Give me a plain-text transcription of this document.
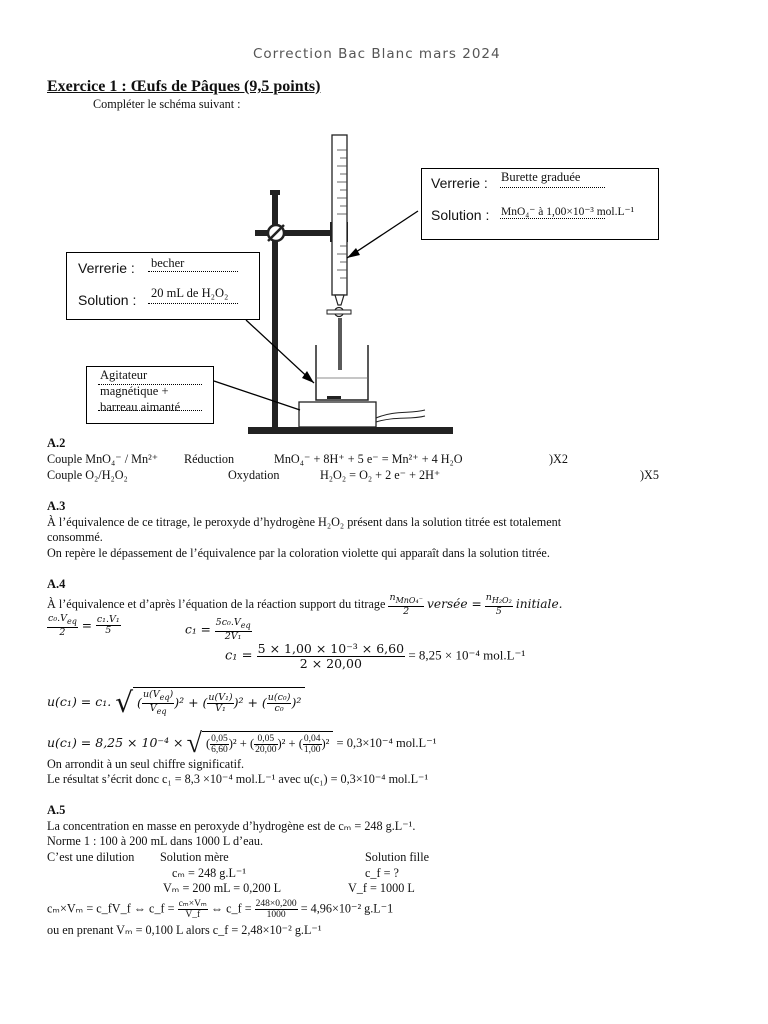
Correction Bac Blanc mars 2024
Exercice 1 : Œufs de Pâques (9,5 points)
Compléter le schéma suivant :
Verrerie : Burette graduée
Solution : MnO₄⁻ à 1,00×10⁻³ mol.L⁻¹
Verrerie : becher
Solution : 20 mL de H₂O₂
Agitateur
magnétique +
barreau aimanté
A.2
Couple MnO₄⁻ / Mn²⁺ Réduction	MnO₄⁻ + 8H⁺ + 5 e⁻ = Mn²⁺ + 4 H₂O	)X2
Couple O₂/H₂O₂	Oxydation	H₂O₂ = O₂ + 2 e⁻ + 2H⁺	)X5
A.3
À l’équivalence de ce titrage, le peroxyde d’hydrogène H₂O₂ présent dans la solution titrée est totalement
consommé.
On repère le dépassement de l’équivalence par la coloration violette qui apparaît dans la solution titrée.
A.4
À l’équivalence et d’après l’équation de la réaction support du titrage $\frac{n_{MnO_4^-}}{2}$ versée = $\frac{n_{H_2O_2}}{5}$ initiale.
$\frac{c_0.V_{eq}}{2} = \frac{\text{c₁.V₁}}{5}$	$c_1 = \frac{5c_0.V_{eq}}{\text{2V₁}}$
$c_1 = \frac{\text{5 × 1,00 × 10⁻³ × 6,60}}{2 \times 20,00} = 8,25 \times 10^{-4}$ mol.L⁻¹
u(c₁) = c₁. √( $\frac{u(V_{eq})}{V_{eq}} )^2$ + ( $\frac{\text{u(V₁)}}{\text{V₁}} )^2$ + ( $\frac{\text{u(c₀)}}{\text{c₀}} )^2$
u(c₁) = 8,25 × 10⁻⁴ × √( $\frac{0,05}{6,60} )^2$ + ( $\frac{0,05}{20,00} )^2$ + ( $\frac{0,04}{1,00} )^2 = 0,3\times 10^{-4}$ mol.L⁻¹
On arrondit à un seul chiffre significatif.
Le résultat s’écrit donc c₁ = 8,3 ×10⁻⁴ mol.L⁻¹ avec u(c₁) = 0,3×10⁻⁴ mol.L⁻¹
A.5
La concentration en masse en peroxyde d’hydrogène est de cₘ = 248 g.L⁻¹.
Norme 1 : 100 à 200 mL dans 1000 L d’eau.
C’est une dilution Solution mère	Solution fille
cₘ = 248 g.L⁻¹	c_f = ?
Vₘ = 200 mL = 0,200 L	V_f = 1000 L
cₘ×Vₘ = c_fV_f ⇔ c_f = $\frac{\text{cₘ×Vₘ}}{V\_f}$ ⇔ c_f = $\frac{248\times 0,200}{1000} = 4,96\times 10^{-2}$ g.L⁻1
ou en prenant Vₘ = 0,100 L alors c_f = 2,48×10⁻² g.L⁻¹
